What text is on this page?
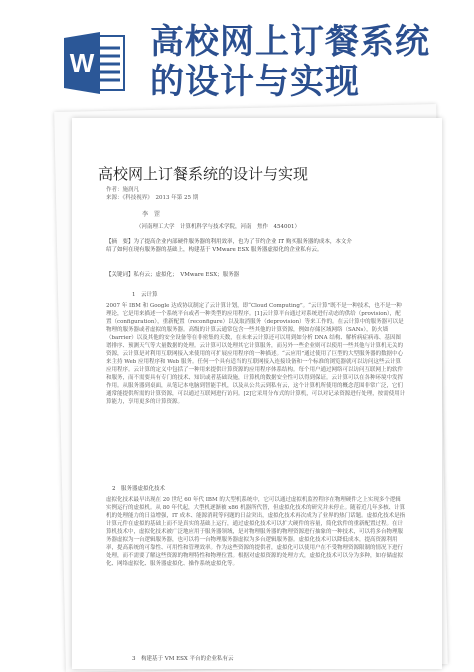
W
高校网上订餐系统
的设计与实现
高校网上订餐系统的设计与实现
作者：施润凡
来源：《科技视界》　2013 年第 25 期
李　罡
（河南理工大学　计算机科学与技术学院，河南　焦作　454001）
【摘　要】为了提高企业内部硬件服务器的利用效率，也为了节约企业 IT 购买服务器的成本，本文介绍了如何在现有服务器的基础上，构建基于 VMware ESX 服务器虚拟化的企业私有云。
【关键词】私有云；虚拟化；　VMware ESX；服务器
1　云计算
2007 年 IBM 和 Google 达成协议制定了云计算计划，即“Cloud Computing”。“云计算”既不是一种技术，也不是一种理论，它是用来描述一个系统平台或者一种类型的应用程序。[1]云计算平台通过对系统进行动态的供给（provision），配置（configuration），重新配置（reconfigure）以及取消服务（deprovision）等来工作的。在云计算中的服务器可以是物理的服务器或者虚拟的服务器。高级的计算云通常包含一些其他的计算资源，例如存储区域网络（SANs），防火墙（barrier）以及其他的安全设备等在非密集的天数，在未来云计算还可以用到如分析 DNA 结构、解析病症病毒、基因图谱排序、预测天气等大量数据的处理。云计算可以处理其它计算服务，而另外一些企业则可以使用一些其他与计算机无关的资源，云计算是对利用互联网接入来使用的可扩展应用程序的一种描述。“云应用”通过使用了巨型的大型服务器的数据中心来主持 Web 应用程序和 Web 服务。任何一个具有适当的互联网接入连接设备和一个标准的浏览器就可以访问这些云计算应用程序。云计算的定义中包括了一种用来提供计算资源的应用程序体系结构。每个用户通过网络可以访问互联网上的软件和服务，而不需要具有专门的技术、知识或者基础设施，计算机的数据安全性可以得到保证。云计算可以在各种环境中发挥作用。从服务器到桌面，从笔记本电脑到智能手机，以及从公共云到私有云，这个计算机所使用的概念范围非常广泛，它们通常能提供所需的计算资源，可以通过互联网进行访问。[2]它采用分布式的计算机，可以对记录资源进行处理，按需使用计算能力，享用更多的计算资源。
2　服务器虚拟化技术
虚拟化技术最早出现在 20 世纪 60 年代 IBM 的大型机系统中，它可以通过虚拟机监控程序在物理硬件之上实现多个逻辑实例运行的虚拟机。从 80 年代起，大型机逐渐被 x86 机器所代替，但虚拟化技术的研究并未停止。随着近几年多核、计算机的处理能力的日益增强，IT 成本、能源消耗等问题的日益突出，虚拟化技术再次成为了业界的热门话题。虚拟化技术是指计算元件在虚拟的基础上而不是真实的基础上运行，通过虚拟化技术可以扩大硬件的容量，简化软件的重新配置过程。在计算机技术中，虚拟化技术被广泛地应用于服务器领域，是对物理服务器的物理资源进行抽象的一种技术，可以将多台物理服务器虚拟为一台逻辑服务器，也可以将一台物理服务器虚拟为多台逻辑服务器。虚拟化技术可以降低成本，提高资源利用率，提高系统的可靠性、可用性和管理效率。作为这些资源的提供者，虚拟化可以使用户在不受物理资源限制的情况下进行处理，而不需要了解这些资源的物理特性和物理位置。根据对虚拟资源的处理方式，虚拟化技术可以分为多种，如存储虚拟化、网络虚拟化、服务器虚拟化、操作系统虚拟化等。
3　构建基于 VM ESX 平台的企业私有云
